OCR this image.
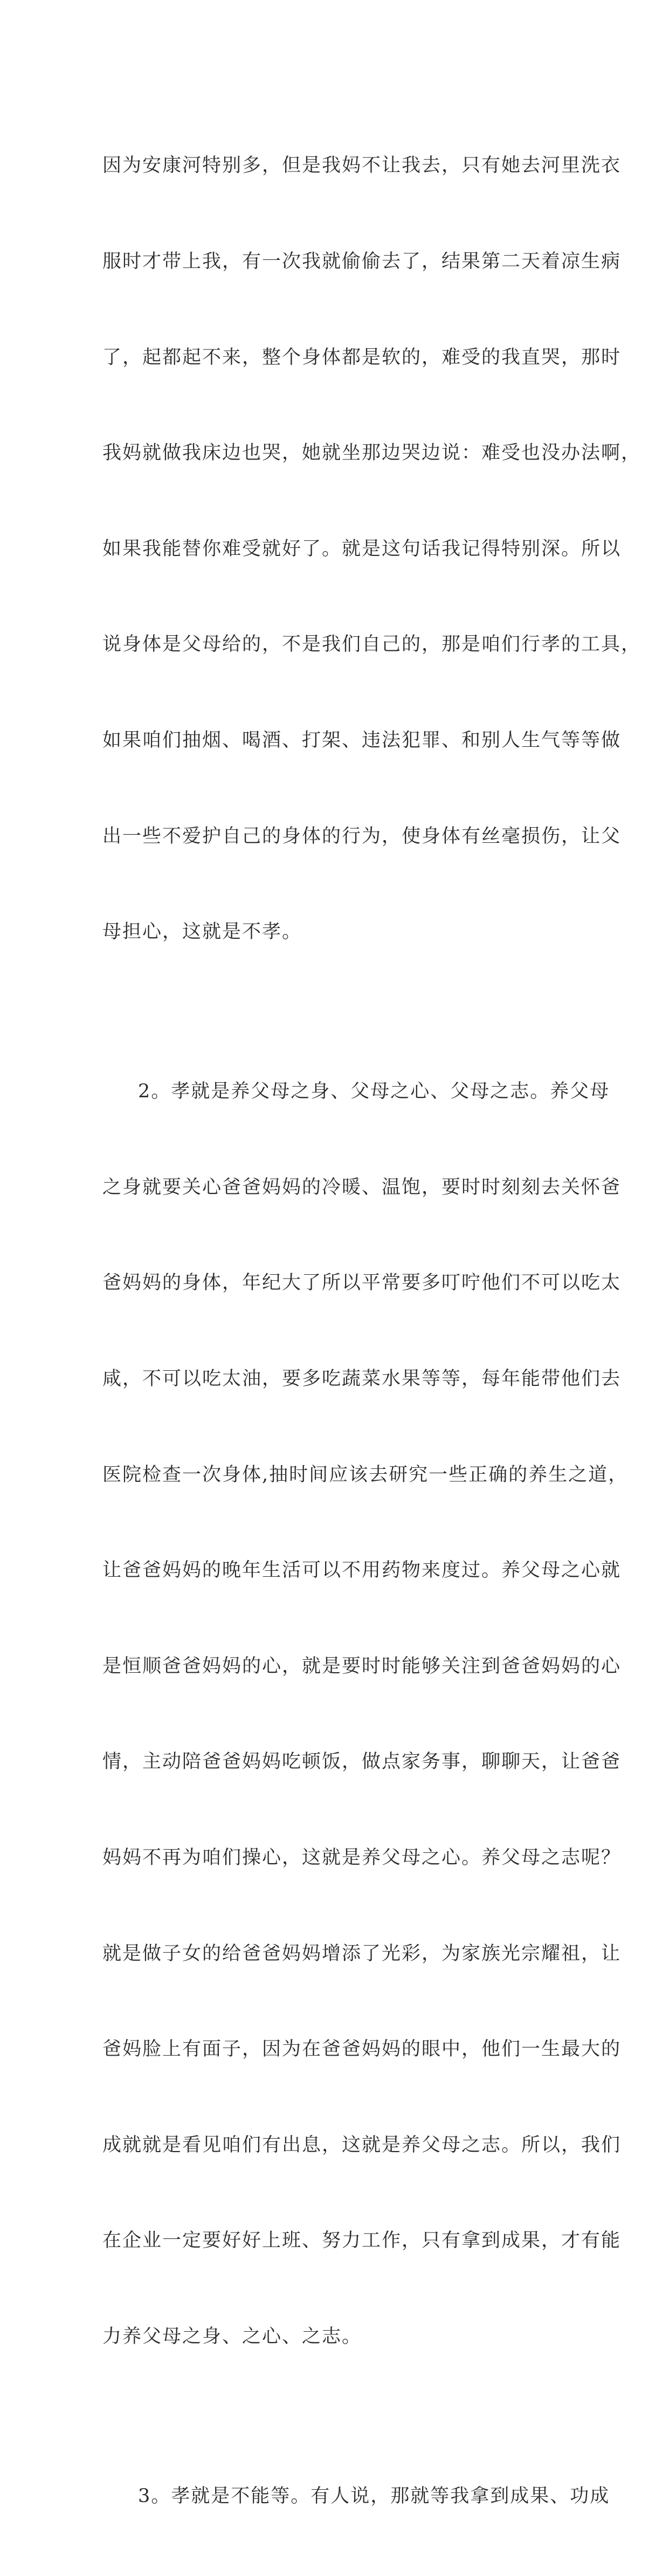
因为安康河特别多，但是我妈不让我去，只有她去河里洗衣

服时才带上我，有一次我就偷偷去了，结果第二天着凉生病

了，起都起不来，整个身体都是软的，难受的我直哭，那时

我妈就做我床边也哭，她就坐那边哭边说：难受也没办法啊，

如果我能替你难受就好了。就是这句话我记得特别深。所以

说身体是父母给的，不是我们自己的，那是咱们行孝的工具，

如果咱们抽烟、喝酒、打架、违法犯罪、和别人生气等等做

出一些不爱护自己的身体的行为，使身体有丝毫损伤，让父

母担心，这就是不孝。

2。孝就是养父母之身、父母之心、父母之志。养父母

之身就要关心爸爸妈妈的冷暖、温饱，要时时刻刻去关怀爸

爸妈妈的身体，年纪大了所以平常要多叮咛他们不可以吃太

咸，不可以吃太油，要多吃蔬菜水果等等，每年能带他们去

医院检查一次身体,抽时间应该去研究一些正确的养生之道，

让爸爸妈妈的晚年生活可以不用药物来度过。养父母之心就

是恒顺爸爸妈妈的心，就是要时时能够关注到爸爸妈妈的心

情，主动陪爸爸妈妈吃顿饭，做点家务事，聊聊天，让爸爸

妈妈不再为咱们操心，这就是养父母之心。养父母之志呢？

就是做子女的给爸爸妈妈增添了光彩，为家族光宗耀祖，让

爸妈脸上有面子，因为在爸爸妈妈的眼中，他们一生最大的

成就就是看见咱们有出息，这就是养父母之志。所以，我们

在企业一定要好好上班、努力工作，只有拿到成果，才有能

力养父母之身、之心、之志。

3。孝就是不能等。有人说，那就等我拿到成果、功成
